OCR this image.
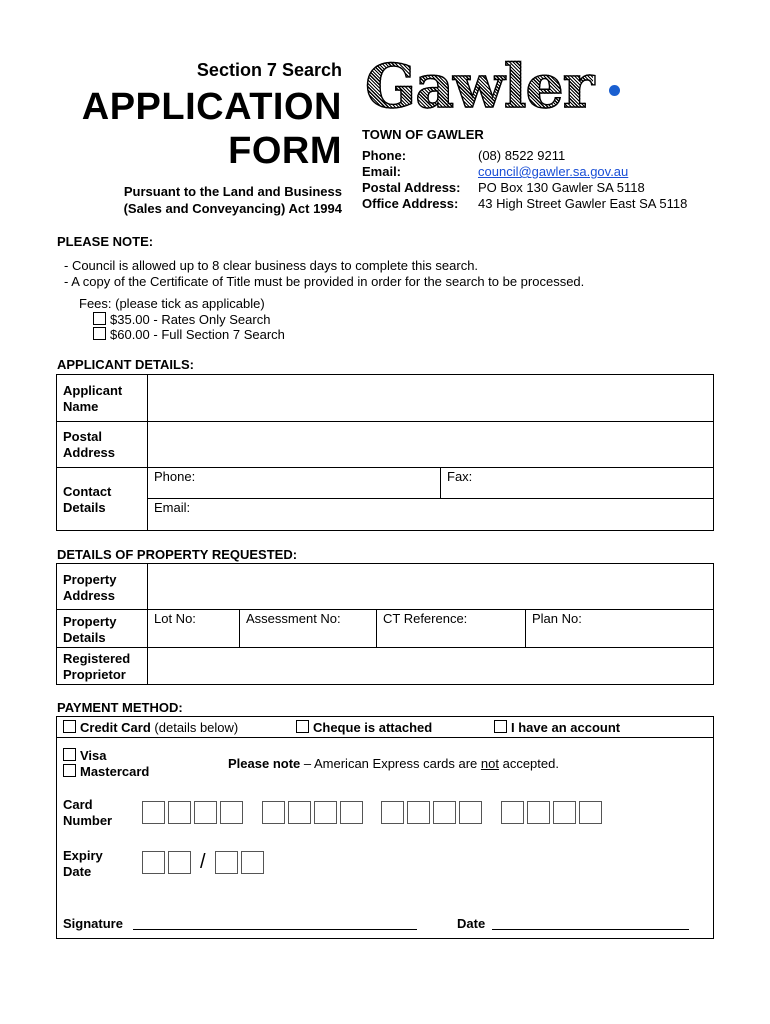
Section 7 Search
APPLICATION
FORM
Pursuant to the Land and Business
(Sales and Conveyancing) Act 1994
Gawler
TOWN OF GAWLER
Phone:	(08) 8522 9211
Email:	council@gawler.sa.gov.au
Postal Address:	PO Box 130 Gawler SA 5118
Office Address:	43 High Street Gawler East SA 5118
PLEASE NOTE:
- Council is allowed up to 8 clear business days to complete this search.
- A copy of the Certificate of Title must be provided in order for the search to be processed.
Fees: (please tick as applicable)
$35.00 - Rates Only Search
$60.00 - Full Section 7 Search
APPLICANT DETAILS:
Applicant
Name
Postal
Address
Contact
Details
Phone:	Fax:
Email:
DETAILS OF PROPERTY REQUESTED:
Property
Address
Property
Details
Lot No:	Assessment No:	CT Reference:	Plan No:
Registered
Proprietor
PAYMENT METHOD:
Credit Card (details below)	Cheque is attached	I have an account
Visa
Mastercard
Please note – American Express cards are not accepted.
Card
Number
Expiry
Date	/
Signature	Date
